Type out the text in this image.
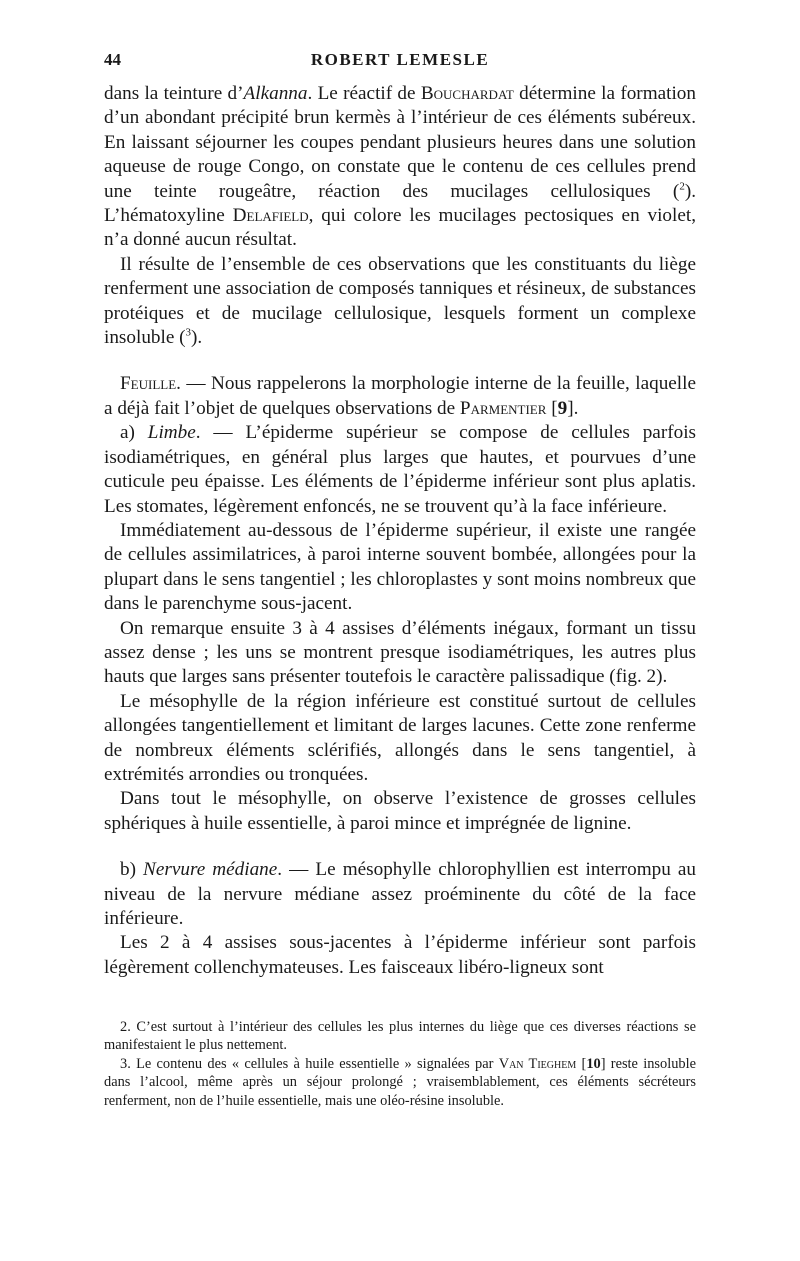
44	ROBERT LEMESLE

dans la teinture d’Alkanna. Le réactif de Bouchardat détermine la formation d’un abondant précipité brun kermès à l’intérieur de ces éléments subéreux. En laissant séjourner les coupes pendant plusieurs heures dans une solution aqueuse de rouge Congo, on constate que le contenu de ces cellules prend une teinte rougeâtre, réaction des mucilages cellulosiques ($^2$). L’hématoxyline Delafield, qui colore les mucilages pectosiques en violet, n’a donné aucun résultat.

Il résulte de l’ensemble de ces observations que les constituants du liège renferment une association de composés tanniques et résineux, de substances protéiques et de mucilage cellulosique, lesquels forment un complexe insoluble ($^3$).

Feuille. — Nous rappelerons la morphologie interne de la feuille, laquelle a déjà fait l’objet de quelques observations de Parmentier [9].

a) Limbe. — L’épiderme supérieur se compose de cellules parfois isodiamétriques, en général plus larges que hautes, et pourvues d’une cuticule peu épaisse. Les éléments de l’épiderme inférieur sont plus aplatis. Les stomates, légèrement enfoncés, ne se trouvent qu’à la face inférieure.

Immédiatement au-dessous de l’épiderme supérieur, il existe une rangée de cellules assimilatrices, à paroi interne souvent bombée, allongées pour la plupart dans le sens tangentiel ; les chloroplastes y sont moins nombreux que dans le parenchyme sous-jacent.

On remarque ensuite 3 à 4 assises d’éléments inégaux, formant un tissu assez dense ; les uns se montrent presque isodiamétriques, les autres plus hauts que larges sans présenter toutefois le caractère palissadique (fig. 2).

Le mésophylle de la région inférieure est constitué surtout de cellules allongées tangentiellement et limitant de larges lacunes. Cette zone renferme de nombreux éléments sclérifiés, allongés dans le sens tangentiel, à extrémités arrondies ou tronquées.

Dans tout le mésophylle, on observe l’existence de grosses cellules sphériques à huile essentielle, à paroi mince et imprégnée de lignine.

b) Nervure médiane. — Le mésophylle chlorophyllien est interrompu au niveau de la nervure médiane assez proéminente du côté de la face inférieure.

Les 2 à 4 assises sous-jacentes à l’épiderme inférieur sont parfois légèrement collenchymateuses. Les faisceaux libéro-ligneux sont

2. C’est surtout à l’intérieur des cellules les plus internes du liège que ces diverses réactions se manifestaient le plus nettement.

3. Le contenu des « cellules à huile essentielle » signalées par Van Tieghem [10] reste insoluble dans l’alcool, même après un séjour prolongé ; vraisemblablement, ces éléments sécréteurs renferment, non de l’huile essentielle, mais une oléo-résine insoluble.
